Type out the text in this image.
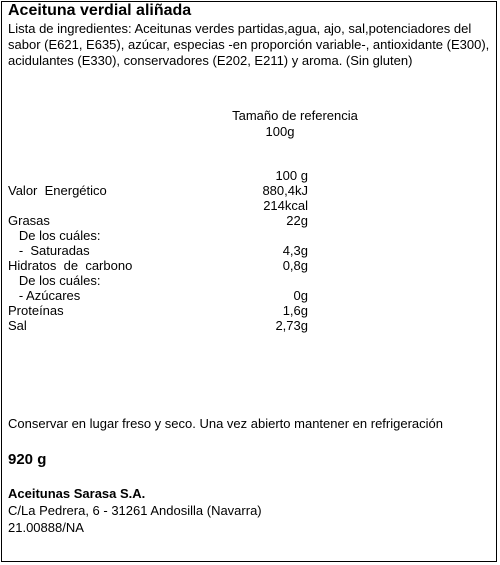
Aceituna verdial aliñada
Lista de ingredientes: Aceitunas verdes partidas,agua, ajo, sal,potenciadores del sabor (E621, E635), azúcar, especias -en proporción variable-, antioxidante (E300), acidulantes (E330), conservadores (E202, E211) y aroma. (Sin gluten)
Tamaño de referencia
100g
100 g
Valor  Energético	880,4kJ
214kcal
Grasas	22g
De los cuáles:
-  Saturadas	4,3g
Hidratos  de  carbono	0,8g
De los cuáles:
- Azúcares	0g
Proteínas	1,6g
Sal	2,73g
Conservar en lugar freso y seco. Una vez abierto mantener en refrigeración
920 g
Aceitunas Sarasa S.A.
C/La Pedrera, 6 - 31261 Andosilla (Navarra)
21.00888/NA
